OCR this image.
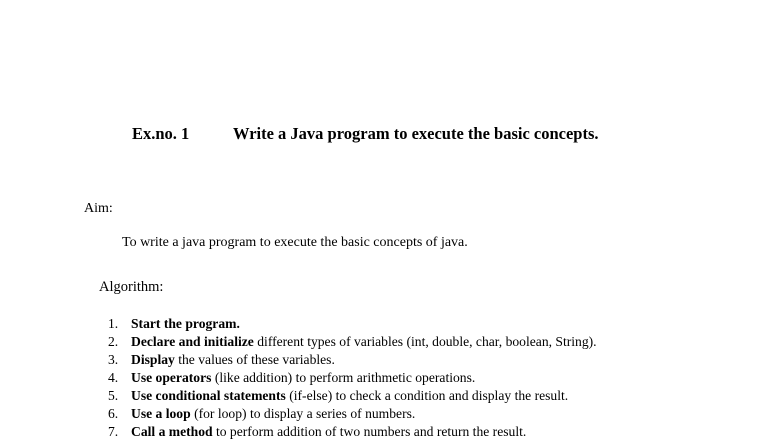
Ex.no. 1	Write a Java program to execute the basic concepts.
Aim:
To write a java program to execute the basic concepts of java.
Algorithm:
1. Start the program.
2. Declare and initialize different types of variables (int, double, char, boolean, String).
3. Display the values of these variables.
4. Use operators (like addition) to perform arithmetic operations.
5. Use conditional statements (if-else) to check a condition and display the result.
6. Use a loop (for loop) to display a series of numbers.
7. Call a method to perform addition of two numbers and return the result.
